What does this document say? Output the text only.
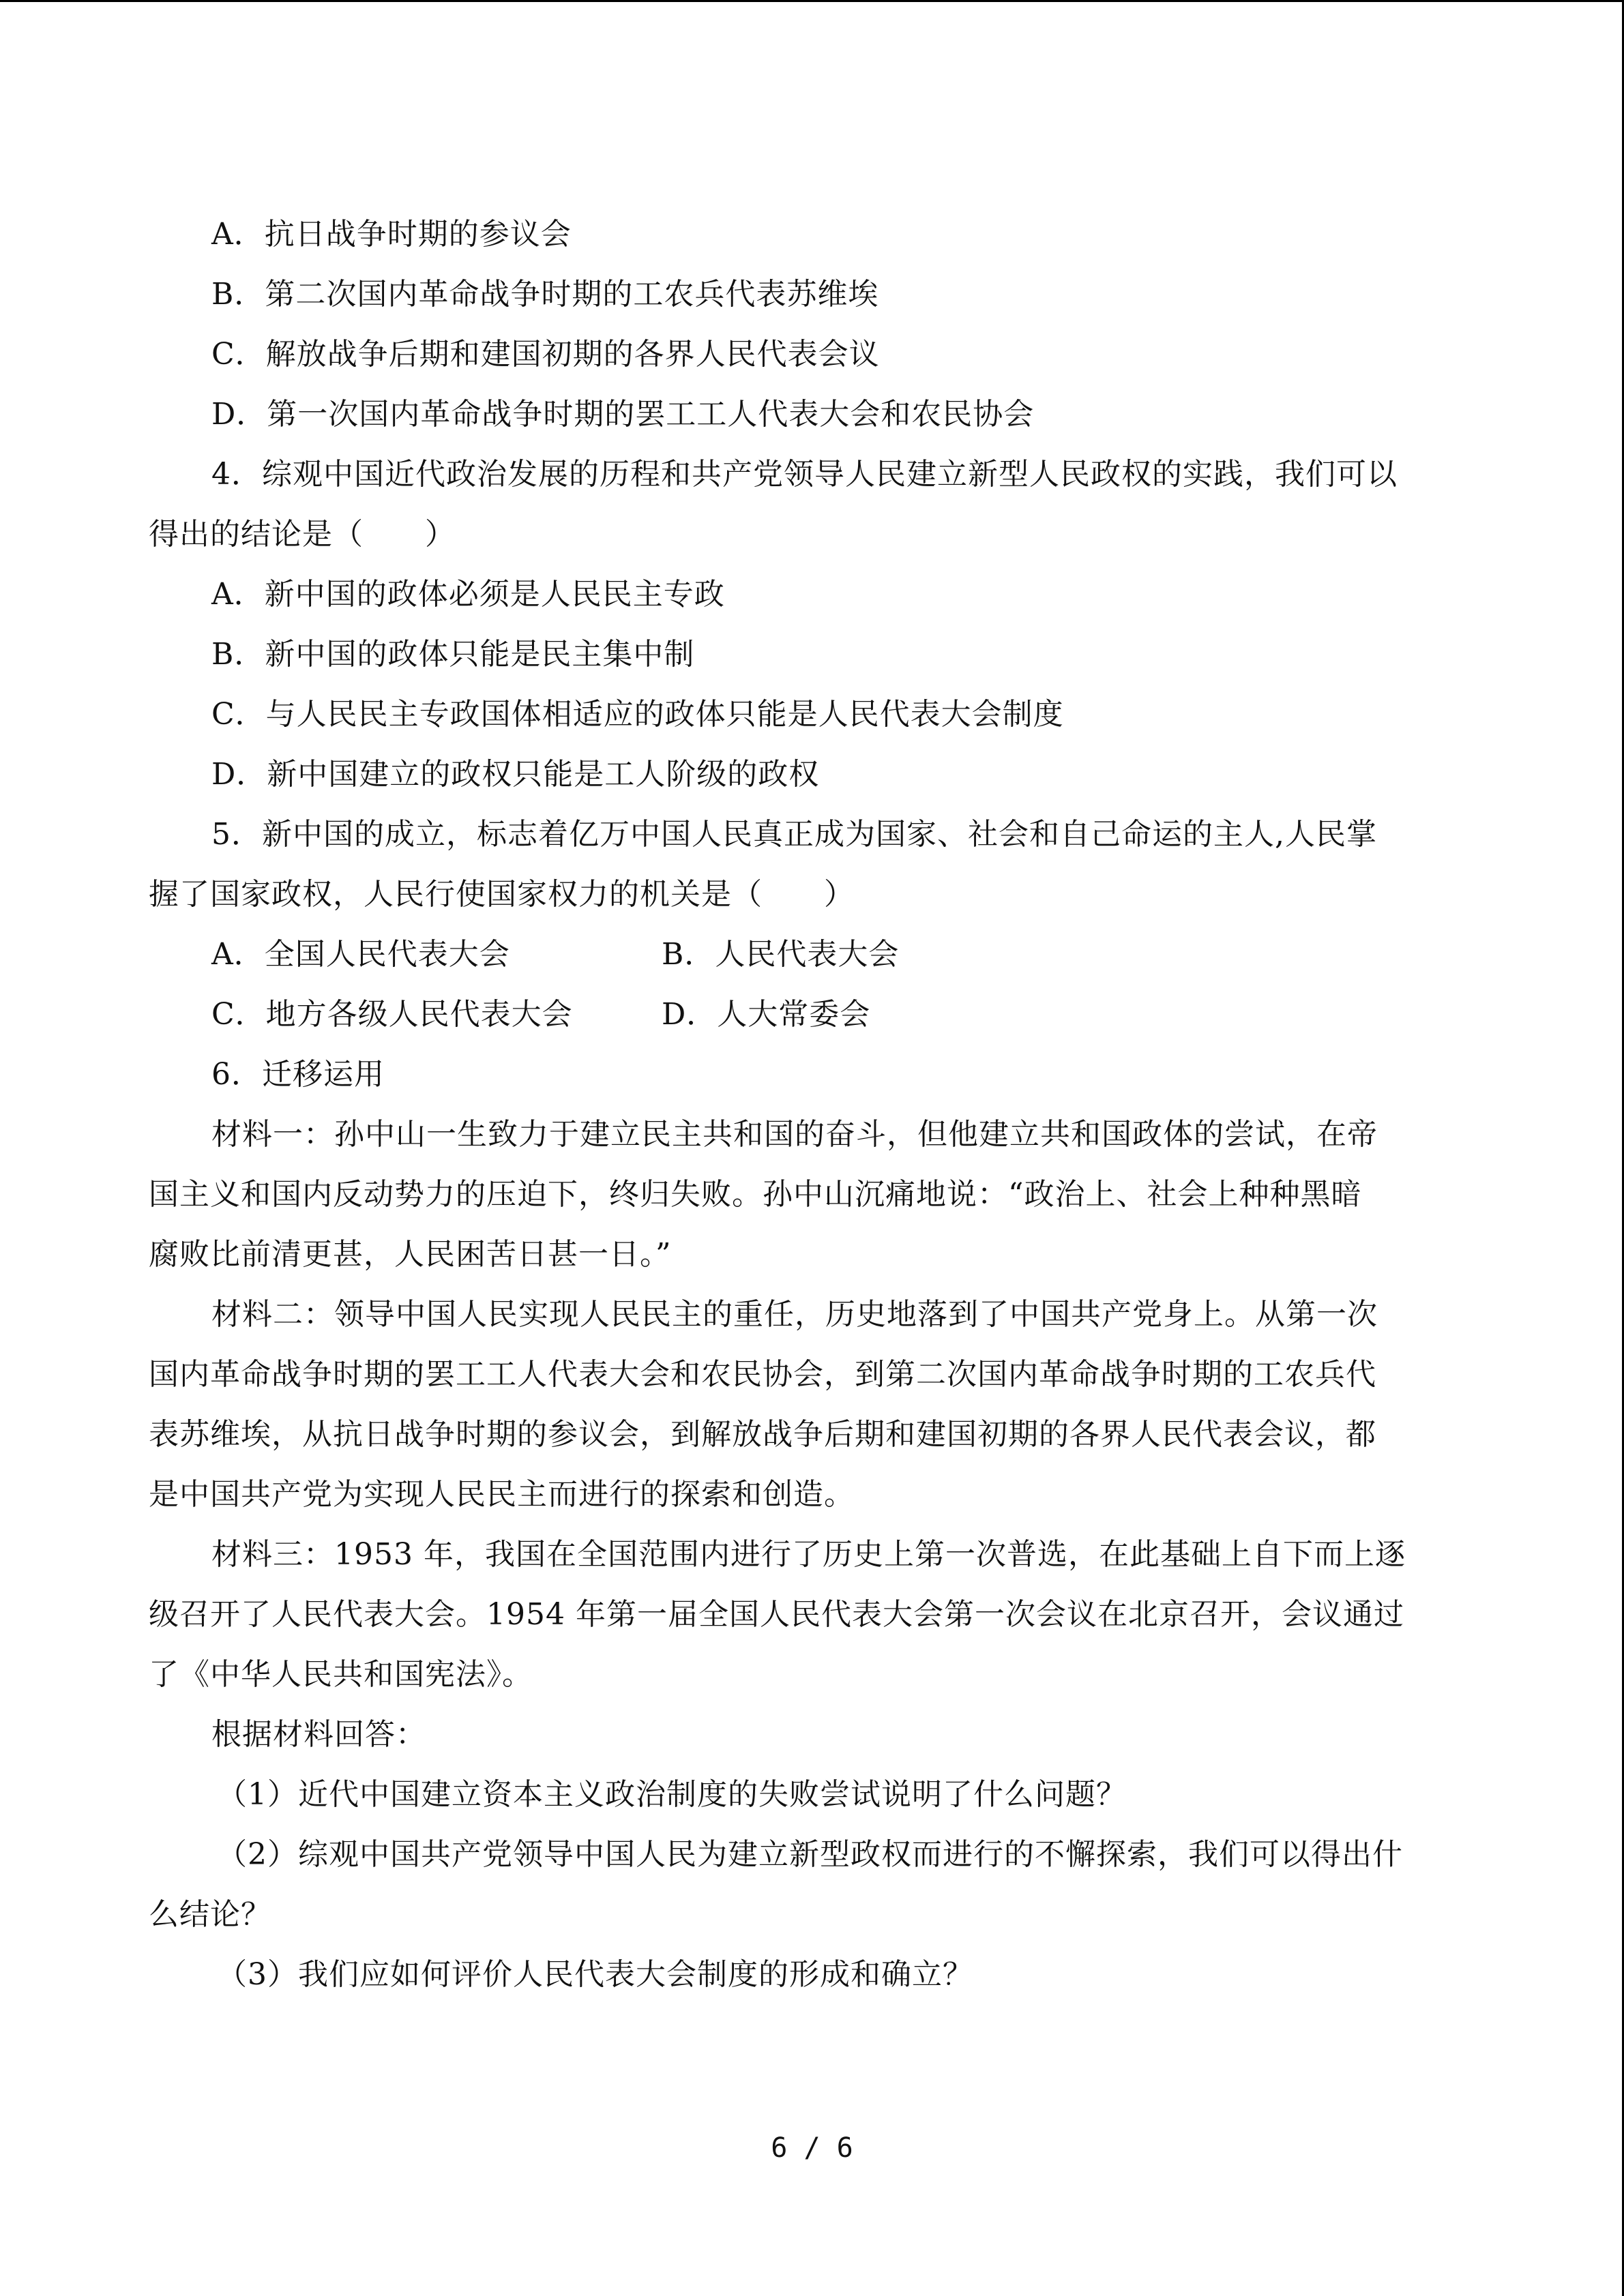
A．抗日战争时期的参议会
B．第二次国内革命战争时期的工农兵代表苏维埃
C．解放战争后期和建国初期的各界人民代表会议
D．第一次国内革命战争时期的罢工工人代表大会和农民协会
4．综观中国近代政治发展的历程和共产党领导人民建立新型人民政权的实践，我们可以
得出的结论是（　　）
A．新中国的政体必须是人民民主专政
B．新中国的政体只能是民主集中制
C．与人民民主专政国体相适应的政体只能是人民代表大会制度
D．新中国建立的政权只能是工人阶级的政权
5．新中国的成立，标志着亿万中国人民真正成为国家、社会和自己命运的主人,人民掌
握了国家政权，人民行使国家权力的机关是（　　）
A．全国人民代表大会	B．人民代表大会
C．地方各级人民代表大会	D．人大常委会
6．迁移运用
材料一：孙中山一生致力于建立民主共和国的奋斗，但他建立共和国政体的尝试，在帝
国主义和国内反动势力的压迫下，终归失败。孙中山沉痛地说：“政治上、社会上种种黑暗
腐败比前清更甚，人民困苦日甚一日。”
材料二：领导中国人民实现人民民主的重任，历史地落到了中国共产党身上。从第一次
国内革命战争时期的罢工工人代表大会和农民协会，到第二次国内革命战争时期的工农兵代
表苏维埃，从抗日战争时期的参议会，到解放战争后期和建国初期的各界人民代表会议，都
是中国共产党为实现人民民主而进行的探索和创造。
材料三：1953 年，我国在全国范围内进行了历史上第一次普选，在此基础上自下而上逐
级召开了人民代表大会。1954 年第一届全国人民代表大会第一次会议在北京召开，会议通过
了《中华人民共和国宪法》。
根据材料回答：
（1）近代中国建立资本主义政治制度的失败尝试说明了什么问题？
（2）综观中国共产党领导中国人民为建立新型政权而进行的不懈探索，我们可以得出什
么结论？
（3）我们应如何评价人民代表大会制度的形成和确立？
6 / 6
